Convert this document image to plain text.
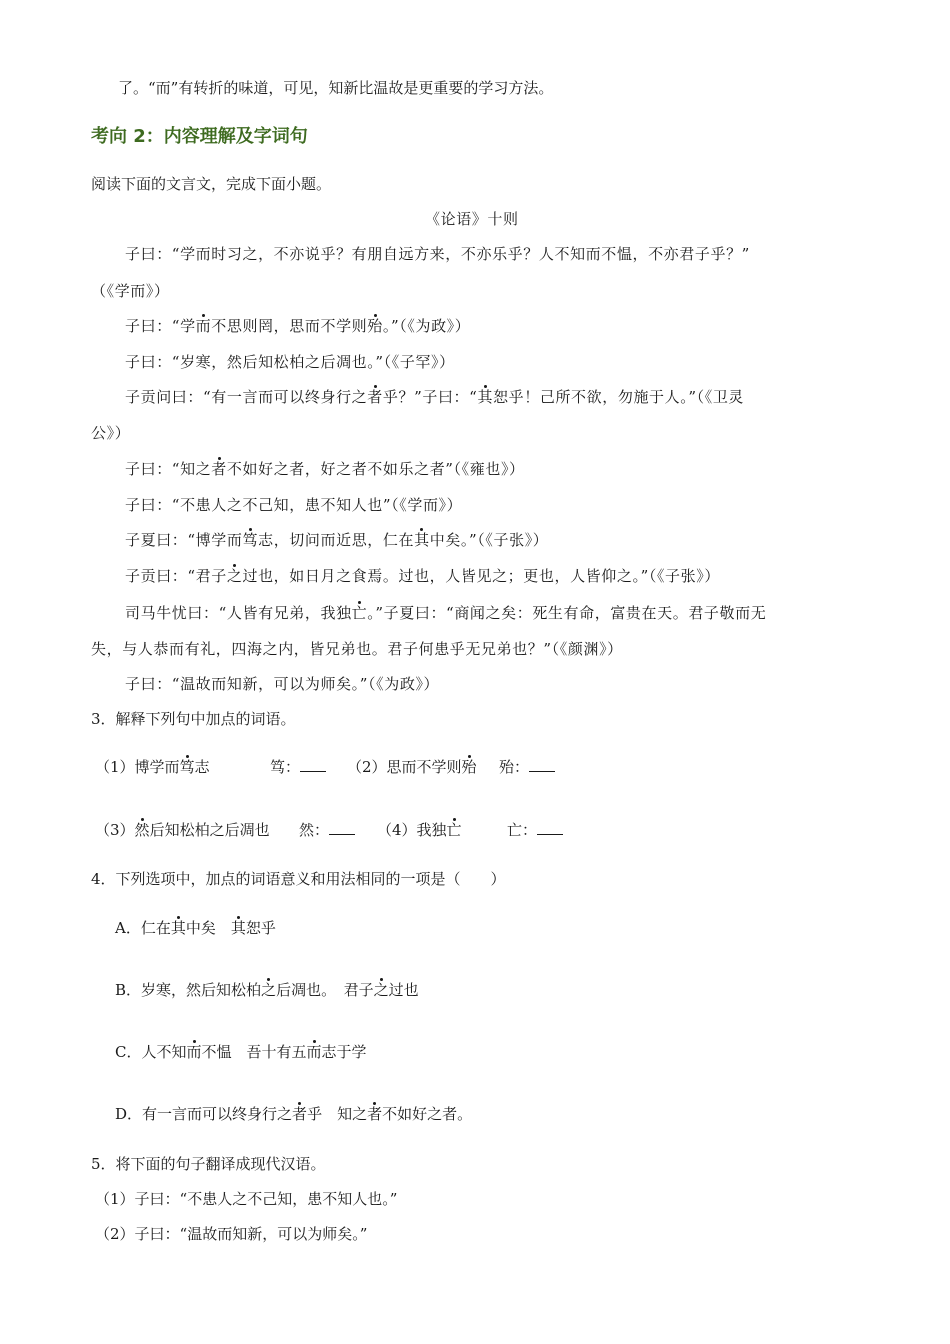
了。“而”有转折的味道，可见，知新比温故是更重要的学习方法。
考向 2：内容理解及字词句
阅读下面的文言文，完成下面小题。
《论语》十则
子曰：“学而时习之，不亦说乎？有朋自远方来，不亦乐乎？人不知而不愠，不亦君子乎？”
（《学而》）
子曰：“学而不思则罔，思而不学则殆。”（《为政》）
子曰：“岁寒，然后知松柏之后凋也。”（《子罕》）
子贡问曰：“有一言而可以终身行之者乎？”子曰：“其恕乎！己所不欲，勿施于人。”（《卫灵
公》）
子曰：“知之者不如好之者，好之者不如乐之者”（《雍也》）
子曰：“不患人之不己知，患不知人也”（《学而》）
子夏曰：“博学而笃志，切问而近思，仁在其中矣。”（《子张》）
子贡曰：“君子之过也，如日月之食焉。过也，人皆见之；更也，人皆仰之。”（《子张》）
司马牛忧曰：“人皆有兄弟，我独亡。”子夏曰：“商闻之矣：死生有命，富贵在天。君子敬而无
失，与人恭而有礼，四海之内，皆兄弟也。君子何患乎无兄弟也？”（《颜渊》）
子曰：“温故而知新，可以为师矣。”（《为政》）
3．解释下列句中加点的词语。
（1）博学而笃志	笃：	（2）思而不学则殆 殆：
（3）然后知松柏之后凋也 然：	（4）我独亡	亡：
4．下列选项中，加点的词语意义和用法相同的一项是（　　）
A．仁在其中矣　其恕乎
B．岁寒，然后知松柏之后凋也。　君子之过也
C．人不知而不愠　吾十有五而志于学
D．有一言而可以终身行之者乎　知之者不如好之者。
5．将下面的句子翻译成现代汉语。
（1）子曰：“不患人之不己知，患不知人也。”
（2）子曰：“温故而知新，可以为师矣。”
